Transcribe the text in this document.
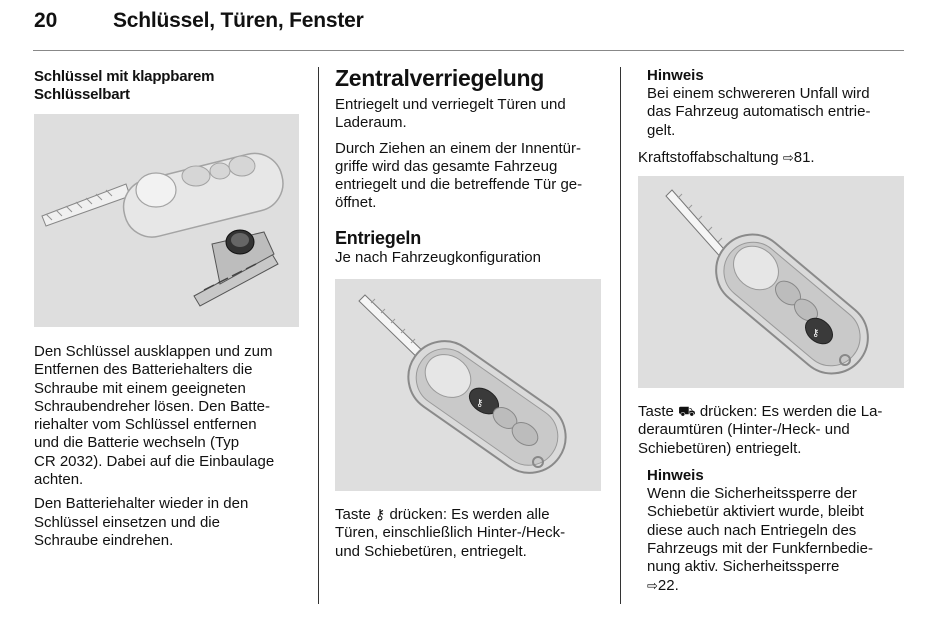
20	Schlüssel, Türen, Fenster

Schlüssel mit klappbarem

Schlüsselbart

Den Schlüssel ausklappen und zum

Entfernen des Batteriehalters die

Schraube mit einem geeigneten

Schraubendreher lösen. Den Batte-

riehalter vom Schlüssel entfernen

und die Batterie wechseln (Typ

CR 2032). Dabei auf die Einbaulage

achten.

Den Batteriehalter wieder in den

Schlüssel einsetzen und die

Schraube eindrehen.

Zentralverriegelung

Entriegelt und verriegelt Türen und

Laderaum.

Durch Ziehen an einem der Innentür-

griffe wird das gesamte Fahrzeug

entriegelt und die betreffende Tür ge-

öffnet.

Entriegeln

Je nach Fahrzeugkonfiguration

⚷

Taste ⚷ drücken: Es werden alle

Türen, einschließlich Hinter-/Heck-

und Schiebetüren, entriegelt.

Hinweis

Bei einem schwereren Unfall wird

das Fahrzeug automatisch entrie-

gelt.

Kraftstoffabschaltung ⇨81.

⚷

Taste ⛟ drücken: Es werden die La-

deraumtüren (Hinter-/Heck- und

Schiebetüren) entriegelt.

Hinweis

Wenn die Sicherheitssperre der

Schiebetür aktiviert wurde, bleibt

diese auch nach Entriegeln des

Fahrzeugs mit der Funkfernbedie-

nung aktiv. Sicherheitssperre

⇨22.
